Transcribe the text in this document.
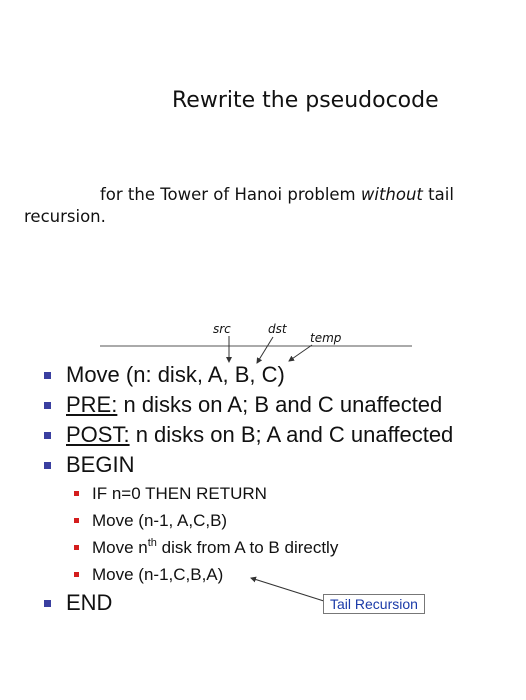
Rewrite the pseudocode
for the Tower of Hanoi problem without tail
recursion.
src	dst
temp
Move (n: disk, A, B, C)
PRE: n disks on A; B and C unaffected
POST: n disks on B; A and C unaffected
BEGIN
IF n=0 THEN RETURN
Move (n-1, A,C,B)
Move $n^{th}$ disk from A to B directly
Move (n-1,C,B,A)
END	Tail Recursion
